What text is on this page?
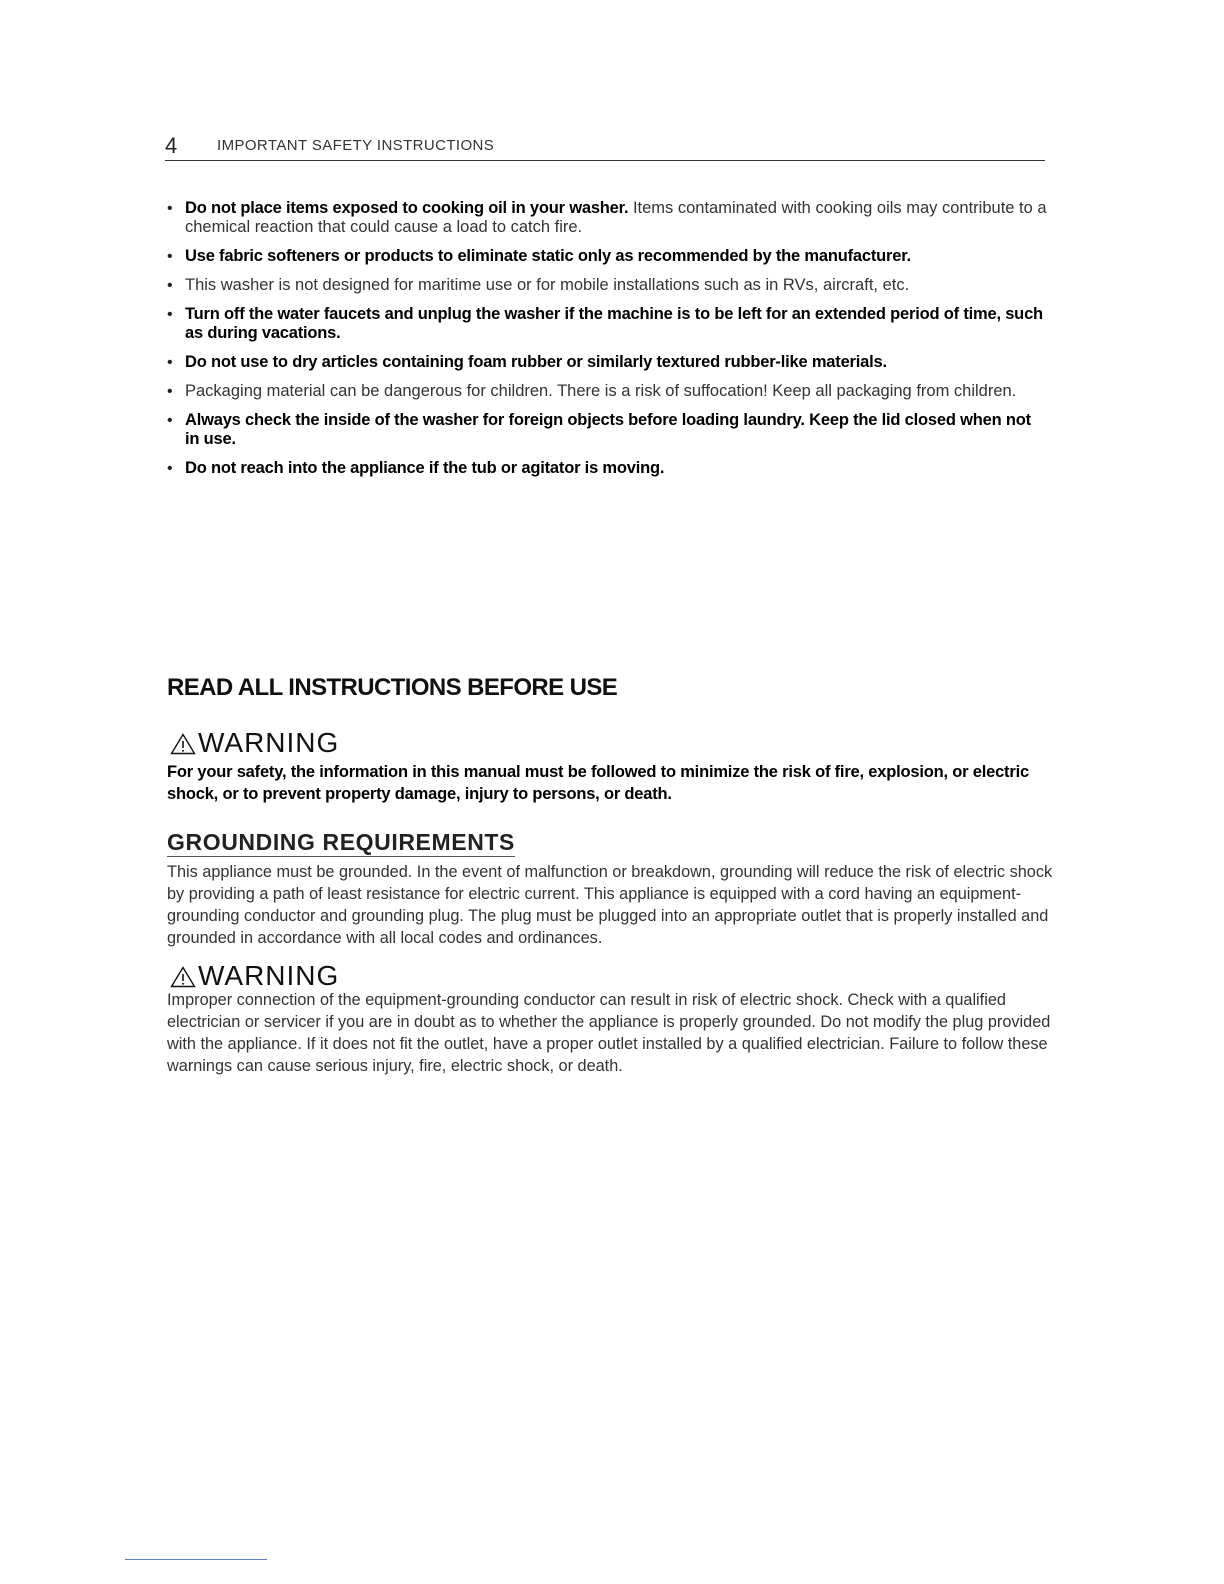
4	IMPORTANT SAFETY INSTRUCTIONS
• Do not place items exposed to cooking oil in your washer. Items contaminated with cooking oils may contribute to a chemical reaction that could cause a load to catch fire.
• Use fabric softeners or products to eliminate static only as recommended by the manufacturer.
• This washer is not designed for maritime use or for mobile installations such as in RVs, aircraft, etc.
• Turn off the water faucets and unplug the washer if the machine is to be left for an extended period of time, such as during vacations.
• Do not use to dry articles containing foam rubber or similarly textured rubber-like materials.
• Packaging material can be dangerous for children. There is a risk of suffocation! Keep all packaging from children.
• Always check the inside of the washer for foreign objects before loading laundry. Keep the lid closed when not in use.
• Do not reach into the appliance if the tub or agitator is moving.
READ ALL INSTRUCTIONS BEFORE USE
WARNING
For your safety, the information in this manual must be followed to minimize the risk of fire, explosion, or electric shock, or to prevent property damage, injury to persons, or death.
GROUNDING REQUIREMENTS
This appliance must be grounded. In the event of malfunction or breakdown, grounding will reduce the risk of electric shock by providing a path of least resistance for electric current. This appliance is equipped with a cord having an equipment-grounding conductor and grounding plug. The plug must be plugged into an appropriate outlet that is properly installed and grounded in accordance with all local codes and ordinances.
WARNING
Improper connection of the equipment-grounding conductor can result in risk of electric shock. Check with a qualified electrician or servicer if you are in doubt as to whether the appliance is properly grounded. Do not modify the plug provided with the appliance. If it does not fit the outlet, have a proper outlet installed by a qualified electrician. Failure to follow these warnings can cause serious injury, fire, electric shock, or death.
